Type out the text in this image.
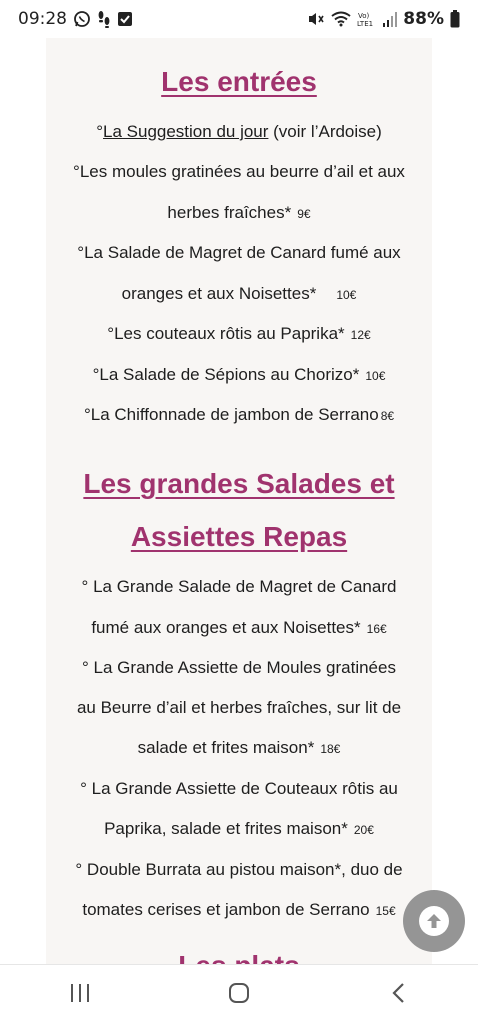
09:28	Vo)
LTE1 88%
Les entrées
°La Suggestion du jour (voir l’Ardoise)
°Les moules gratinées au beurre d’ail et aux
herbes fraîches* 9€
°La Salade de Magret de Canard fumé aux
oranges et aux Noisettes* 10€
°Les couteaux rôtis au Paprika* 12€
°La Salade de Sépions au Chorizo* 10€
°La Chiffonnade de jambon de Serrano 8€
Les grandes Salades et
Assiettes Repas
° La Grande Salade de Magret de Canard
fumé aux oranges et aux Noisettes* 16€
° La Grande Assiette de Moules gratinées
au Beurre d’ail et herbes fraîches, sur lit de
salade et frites maison* 18€
° La Grande Assiette de Couteaux rôtis au
Paprika, salade et frites maison* 20€
° Double Burrata au pistou maison*, duo de
tomates cerises et jambon de Serrano 15€
